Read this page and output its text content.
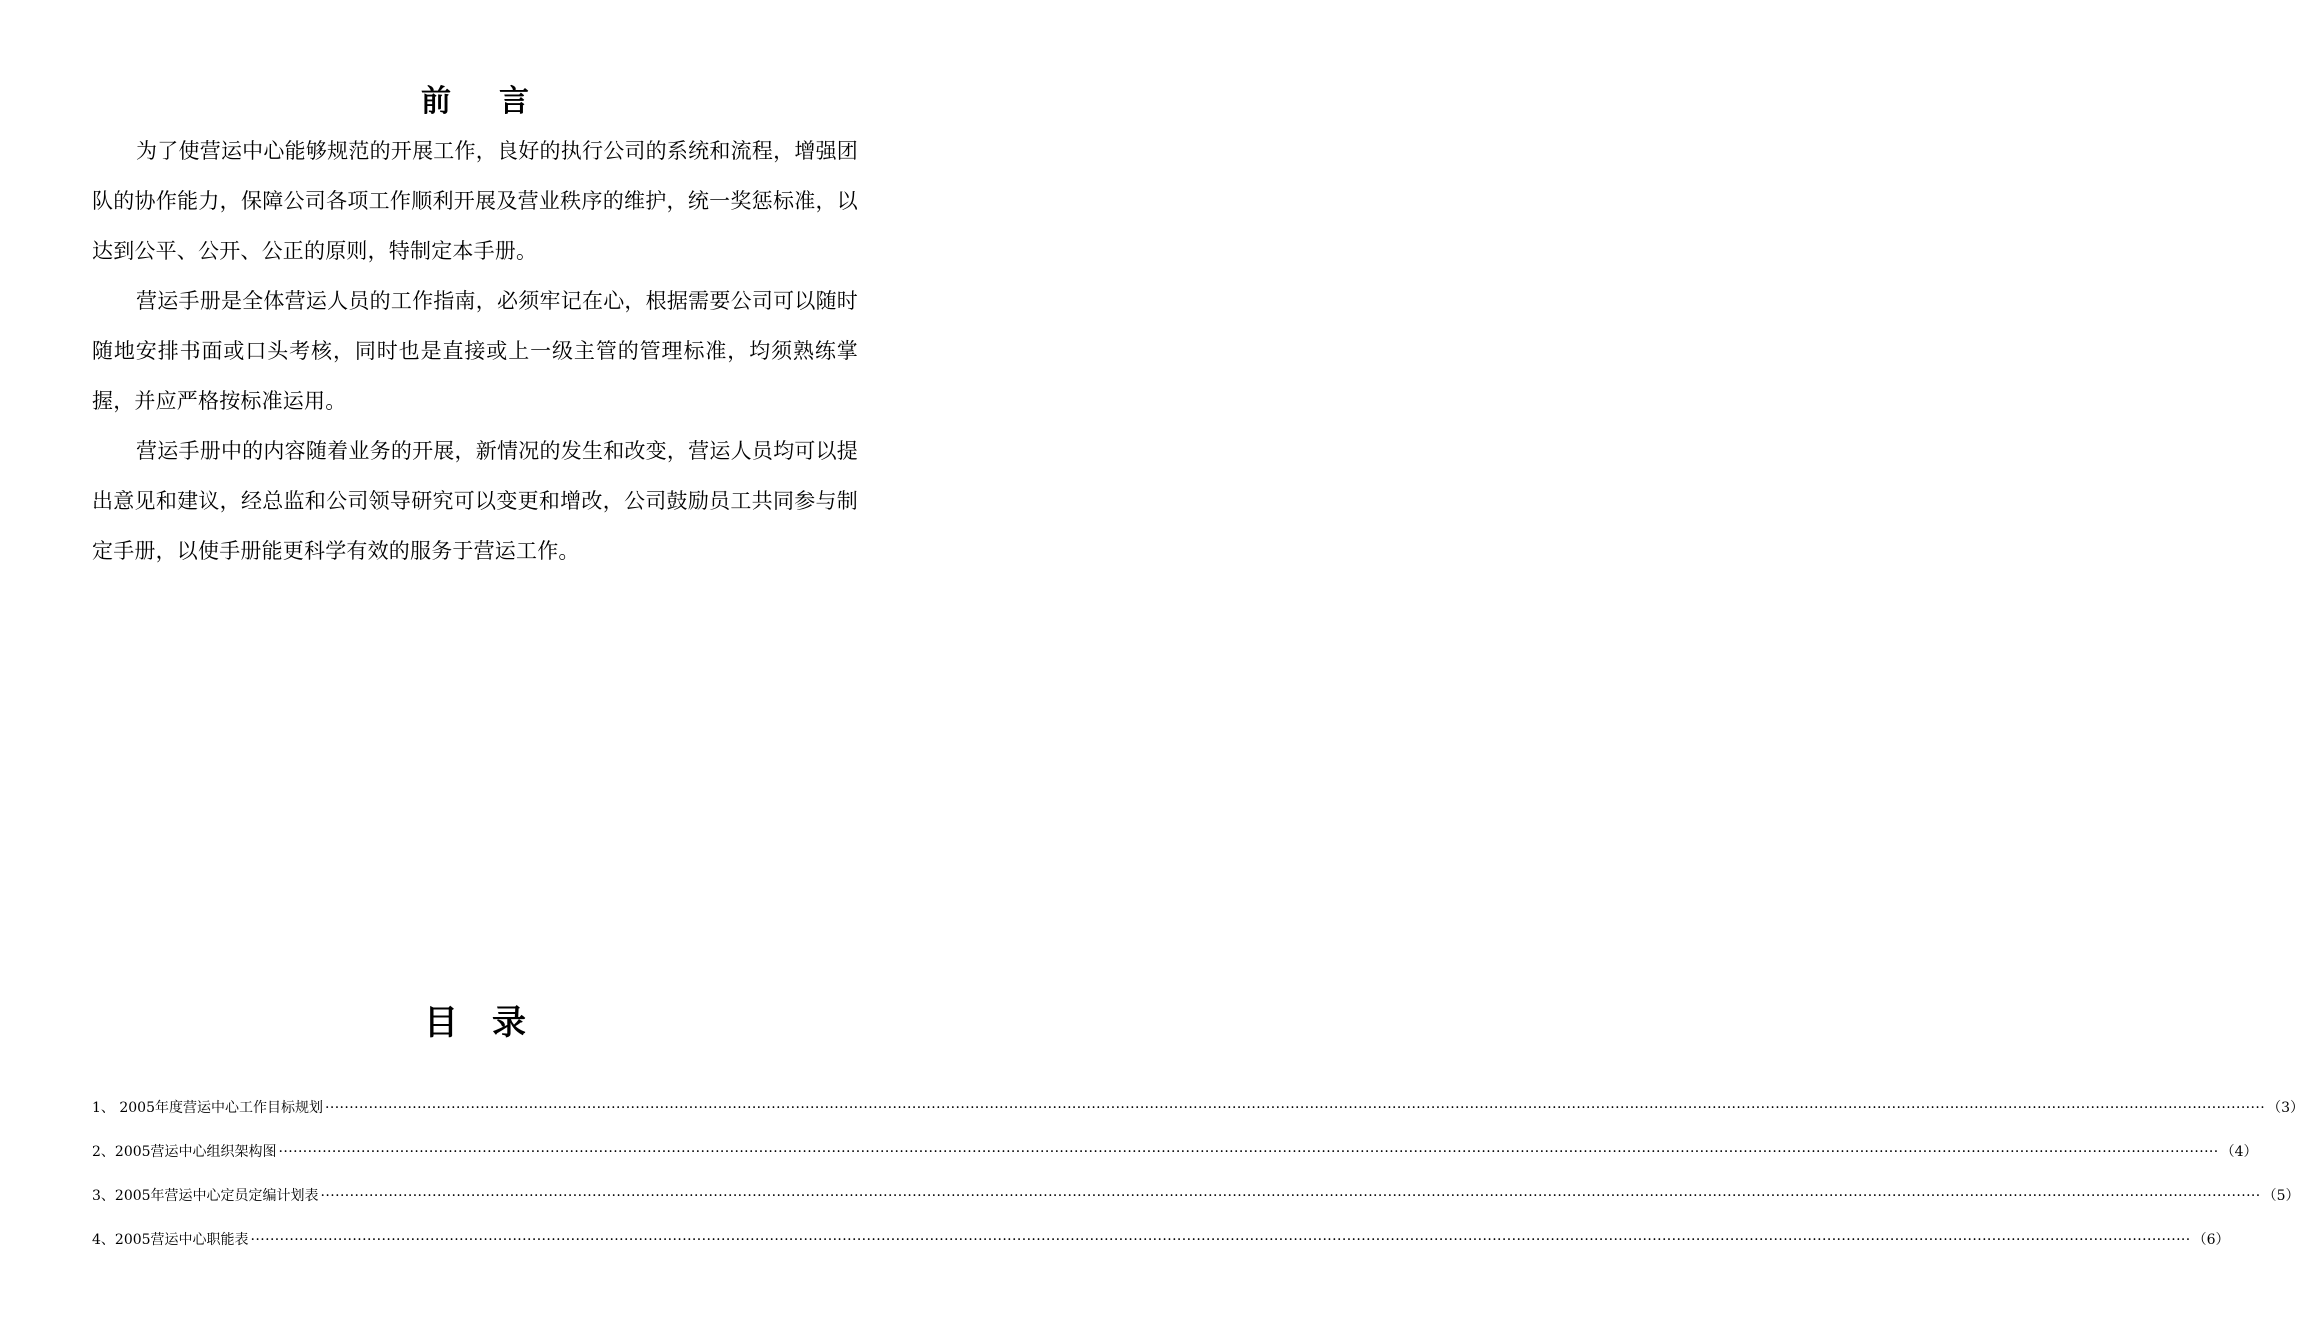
前言

为了使营运中心能够规范的开展工作，良好的执行公司的系统和流程，增强团队的协作能力，保障公司各项工作顺利开展及营业秩序的维护，统一奖惩标准，以达到公平、公开、公正的原则，特制定本手册。

营运手册是全体营运人员的工作指南，必须牢记在心，根据需要公司可以随时随地安排书面或口头考核，同时也是直接或上一级主管的管理标准，均须熟练掌握，并应严格按标准运用。

营运手册中的内容随着业务的开展，新情况的发生和改变，营运人员均可以提出意见和建议，经总监和公司领导研究可以变更和增改，公司鼓励员工共同参与制定手册，以使手册能更科学有效的服务于营运工作。

目录
1、 2005年度营运中心工作目标规划 ················································································································································································································································································································································································································ （3）
2、2005营运中心组织架构图 ················································································································································································································································································································································································································ （4）
3、2005年营运中心定员定编计划表 ················································································································································································································································································································································································································ （5）
4、2005营运中心职能表 ················································································································································································································································································································································································································ （6）
